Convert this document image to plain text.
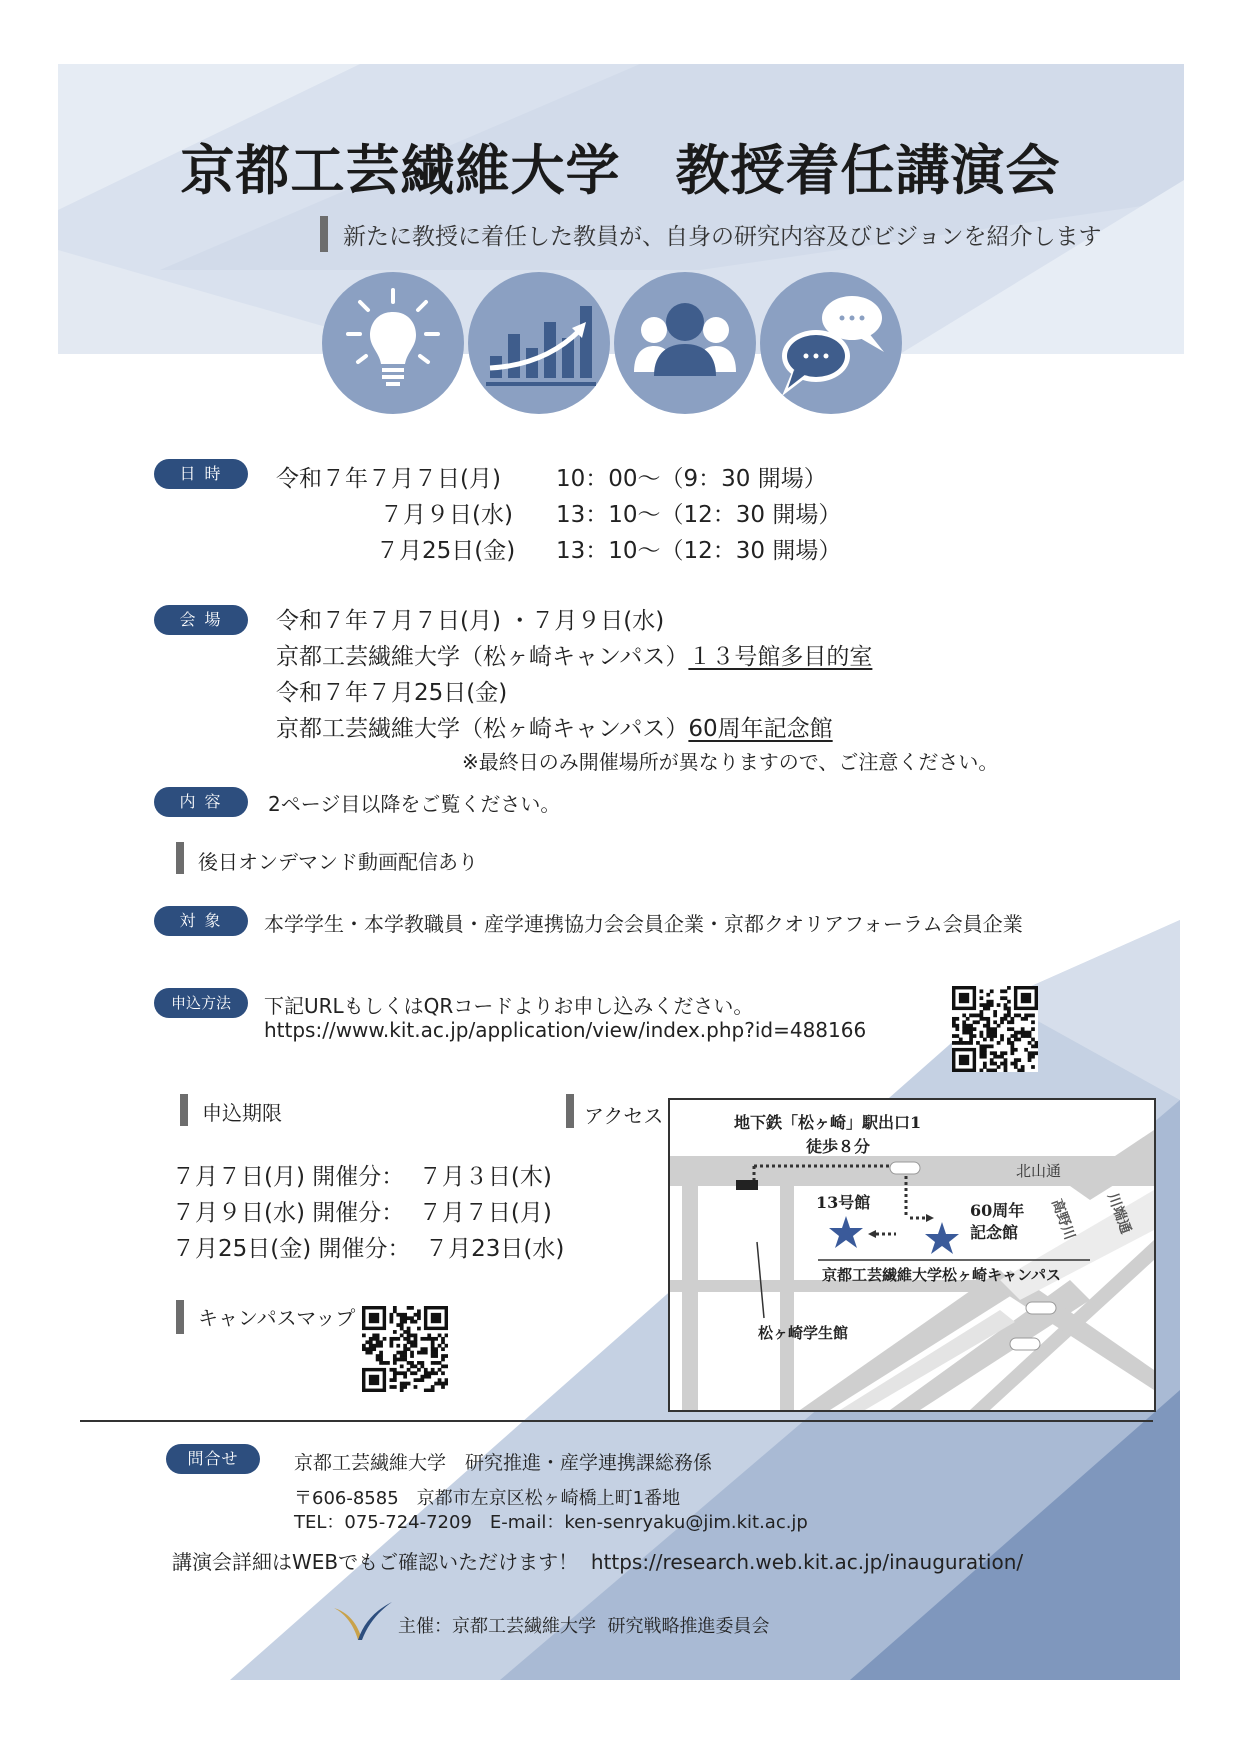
京都工芸繊維大学　教授着任講演会
新たに教授に着任した教員が、自身の研究内容及びビジョンを紹介します
日 時	令和７年７月７日(月) 10：00～（9：30 開場）
７月９日(水) 13：10～（12：30 開場）
７月25日(金) 13：10～（12：30 開場）
会 場	令和７年７月７日(月) ・７月９日(水)
京都工芸繊維大学（松ヶ崎キャンパス）１３号館多目的室
令和７年７月25日(金)
京都工芸繊維大学（松ヶ崎キャンパス）60周年記念館
※最終日のみ開催場所が異なりますので、ご注意ください。
内 容	2ページ目以降をご覧ください。
後日オンデマンド動画配信あり
対 象	本学学生・本学教職員・産学連携協力会会員企業・京都クオリアフォーラム会員企業
申込方法	下記URLもしくはQRコードよりお申し込みください。
https://www.kit.ac.jp/application/view/index.php?id=488166
申込期限
７月７日(月) 開催分：  ７月３日(木)
７月９日(水) 開催分：  ７月７日(月)
７月25日(金) 開催分：  ７月23日(水)
キャンパスマップ
アクセス	地下鉄「松ヶ崎」駅出口1
徒歩８分
北山通
13号館	60周年
記念館
京都工芸繊維大学松ヶ崎キャンパス
松ヶ崎学生館
高野川 川端通
問合せ	京都工芸繊維大学　研究推進・産学連携課総務係
〒606-8585　京都市左京区松ヶ崎橋上町1番地
TEL：075-724-7209　E-mail：ken-senryaku@jim.kit.ac.jp
講演会詳細はWEBでもご確認いただけます！  https://research.web.kit.ac.jp/inauguration/
主催：京都工芸繊維大学  研究戦略推進委員会
